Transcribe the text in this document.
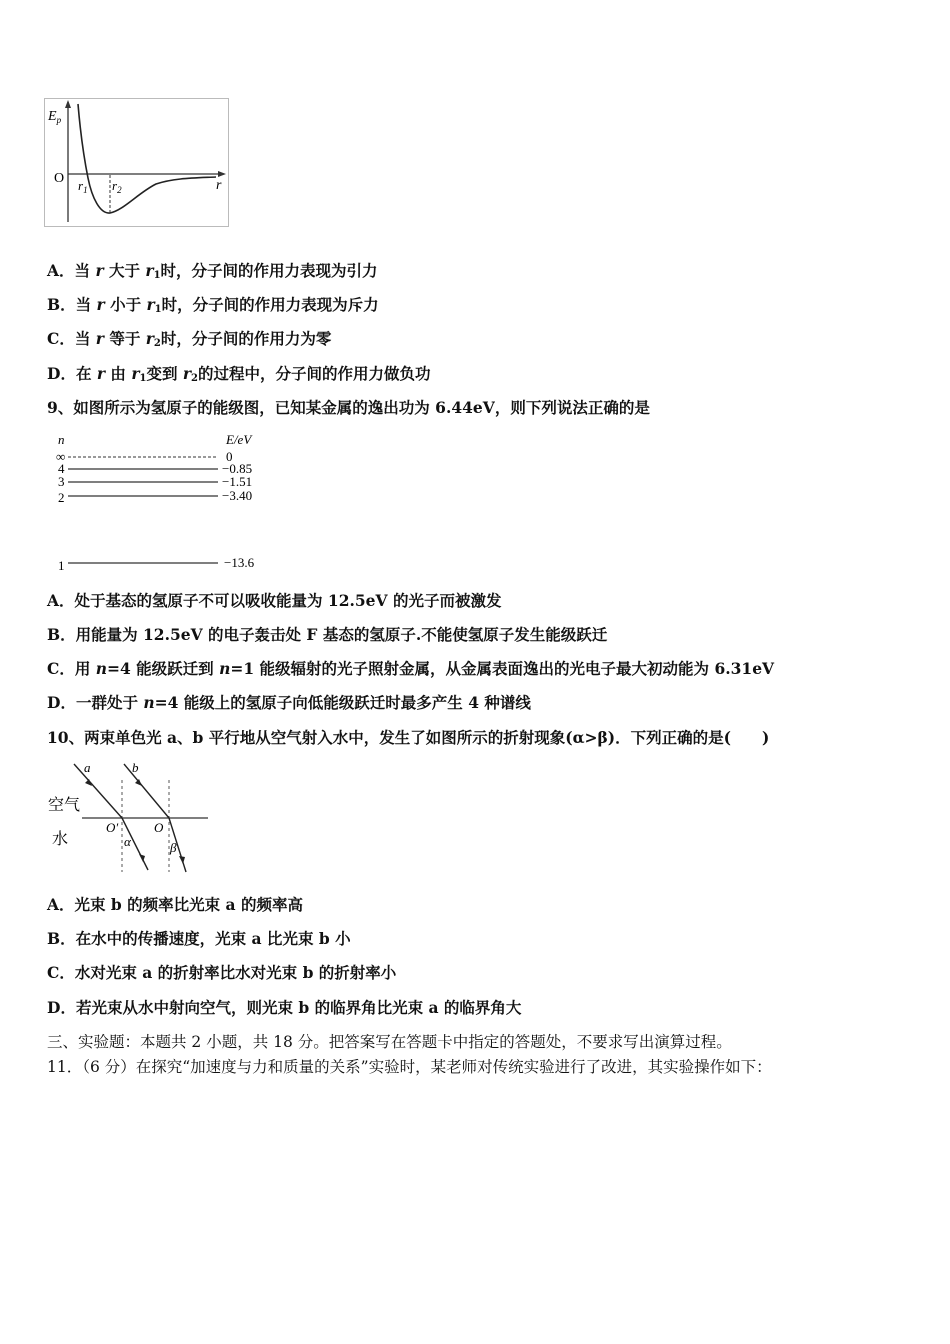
$E_p$
O $r_1$ $r_2$	r
A．当 r 大于 $r_1$时，分子间的作用力表现为引力
B．当 r 小于 $r_1$时，分子间的作用力表现为斥力
C．当 r 等于 $r_2$时，分子间的作用力为零
D．在 r 由 $r_1$变到 $r_2$的过程中，分子间的作用力做负功
9、如图所示为氢原子的能级图，已知某金属的逸出功为 6.44eV，则下列说法正确的是
n	E/eV
∞	0
4	−0.85
3	−1.51
2	−3.40
1	−13.6
A．处于基态的氢原子不可以吸收能量为 12.5eV 的光子而被激发
B．用能量为 12.5eV 的电子轰击处 F 基态的氢原子.不能使氢原子发生能级跃迁
C．用 n=4 能级跃迁到 n=1 能级辐射的光子照射金属，从金属表面逸出的光电子最大初动能为 6.31eV
D．一群处于 n=4 能级上的氢原子向低能级跃迁时最多产生 4 种谱线
10、两束单色光 a、b 平行地从空气射入水中，发生了如图所示的折射现象(α>β)．下列正确的是(　　)
a	b
空气
水
O′	O
α	β
A．光束 b 的频率比光束 a 的频率高
B．在水中的传播速度，光束 a 比光束 b 小
C．水对光束 a 的折射率比水对光束 b 的折射率小
D．若光束从水中射向空气，则光束 b 的临界角比光束 a 的临界角大
三、实验题：本题共 2 小题，共 18 分。把答案写在答题卡中指定的答题处，不要求写出演算过程。
11．（6 分）在探究“加速度与力和质量的关系”实验时，某老师对传统实验进行了改进，其实验操作如下：
